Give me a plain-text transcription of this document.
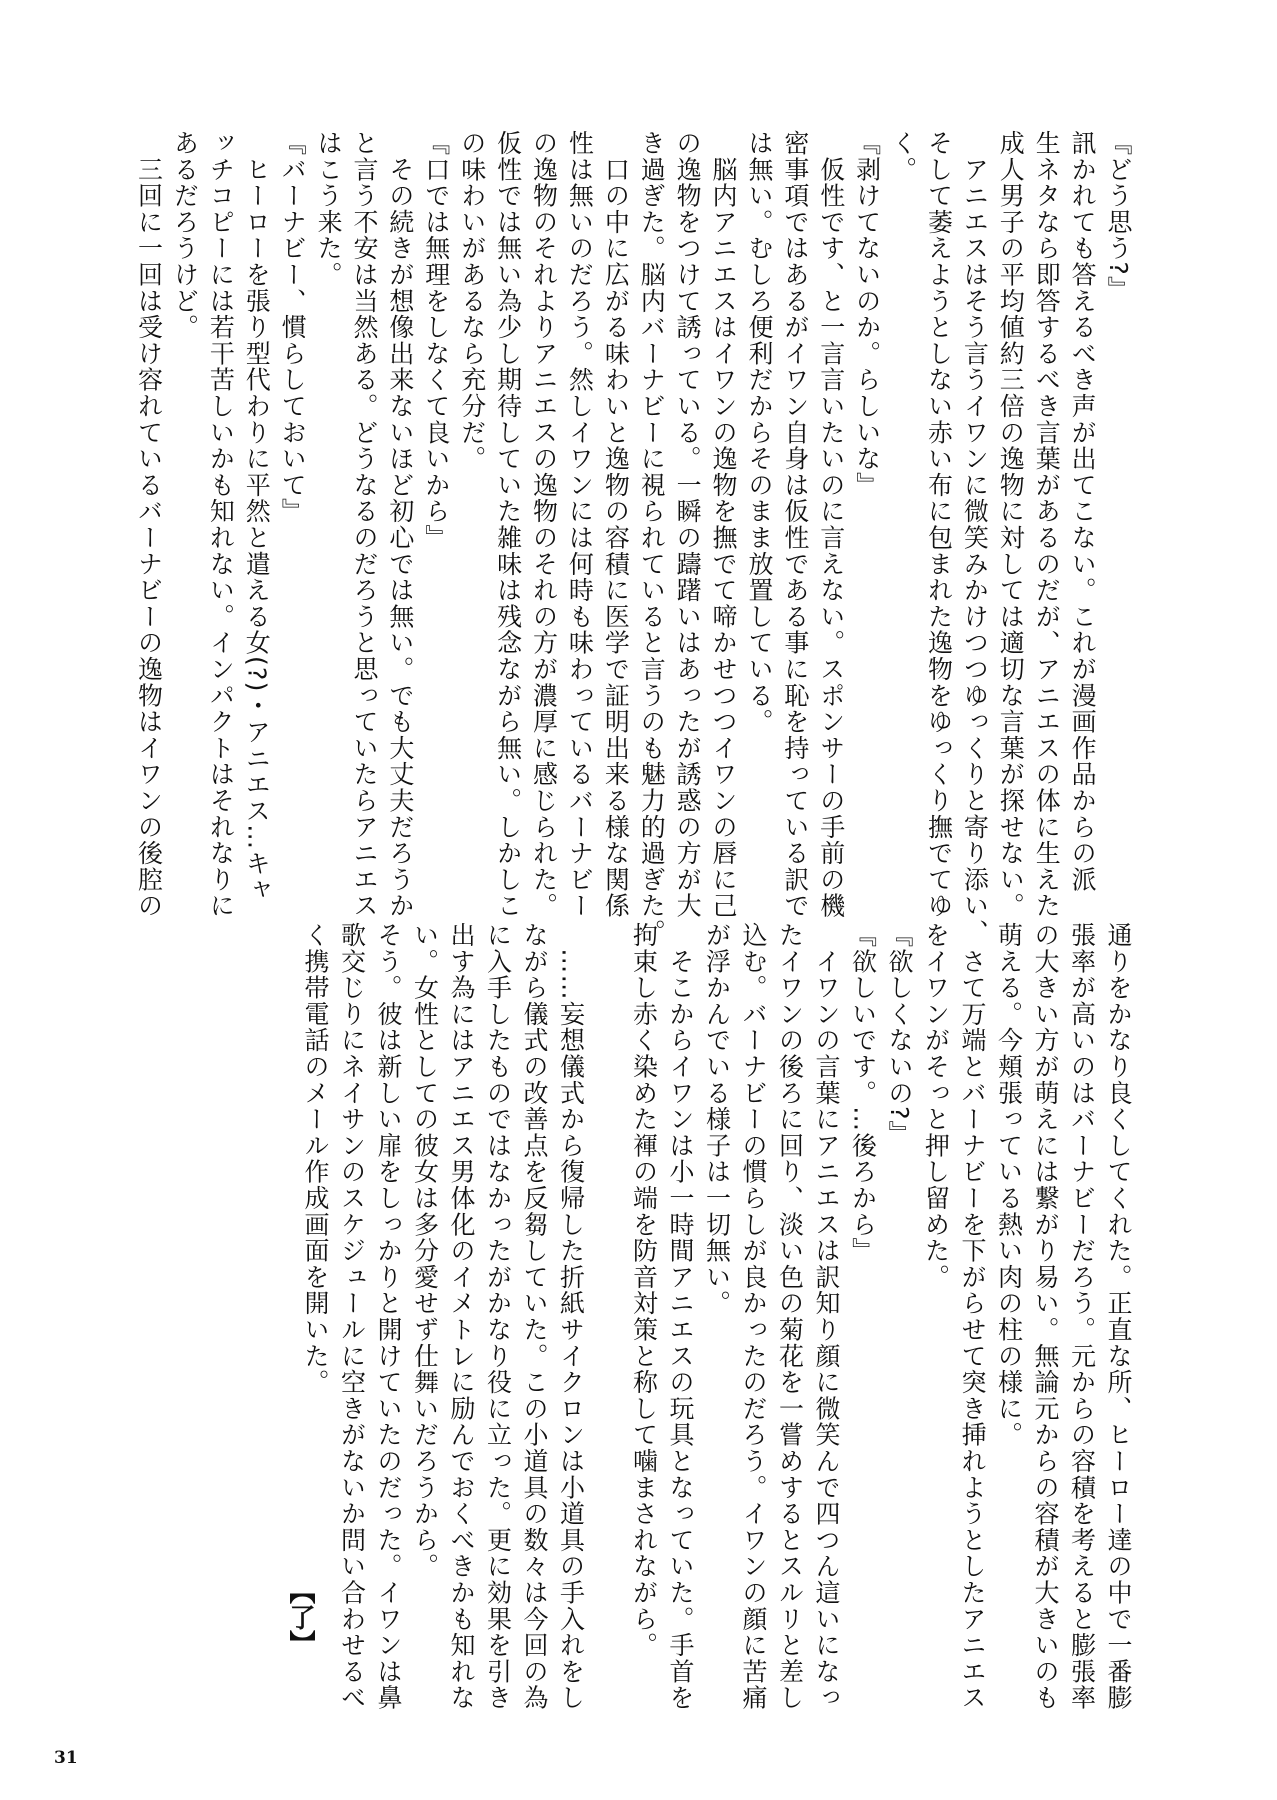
『どう思う?』
訊かれても答えるべき声が出てこない。これが漫画作品からの派
生ネタなら即答するべき言葉があるのだが、アニエスの体に生えた
成人男子の平均値約三倍の逸物に対しては適切な言葉が探せない。
　アニエスはそう言うイワンに微笑みかけつつゆっくりと寄り添い、
そして萎えようとしない赤い布に包まれた逸物をゆっくり撫でてゆ
く。
『剥けてないのか。らしいな』
　仮性です、と一言言いたいのに言えない。スポンサーの手前の機
密事項ではあるがイワン自身は仮性である事に恥を持っている訳で
は無い。むしろ便利だからそのまま放置している。
　脳内アニエスはイワンの逸物を撫でて啼かせつつイワンの唇に己
の逸物をつけて誘っている。一瞬の躊躇いはあったが誘惑の方が大
き過ぎた。脳内バーナビーに視られていると言うのも魅力的過ぎた。
　口の中に広がる味わいと逸物の容積に医学で証明出来る様な関係
性は無いのだろう。然しイワンには何時も味わっているバーナビー
の逸物のそれよりアニエスの逸物のそれの方が濃厚に感じられた。
仮性では無い為少し期待していた雑味は残念ながら無い。しかしこ
の味わいがあるなら充分だ。
『口では無理をしなくて良いから』
　その続きが想像出来ないほど初心では無い。でも大丈夫だろうか
と言う不安は当然ある。どうなるのだろうと思っていたらアニエス
はこう来た。
『バーナビー、慣らしておいて』
　ヒーローを張り型代わりに平然と遣える女(?)・アニエス…キャ
ッチコピーには若干苦しいかも知れない。インパクトはそれなりに
あるだろうけど。
　三回に一回は受け容れているバーナビーの逸物はイワンの後腔の
通りをかなり良くしてくれた。正直な所、ヒーロー達の中で一番膨
張率が高いのはバーナビーだろう。元からの容積を考えると膨張率
の大きい方が萌えには繋がり易い。無論元からの容積が大きいのも
萌える。今頬張っている熱い肉の柱の様に。
　さて万端とバーナビーを下がらせて突き挿れようとしたアニエス
をイワンがそっと押し留めた。
『欲しくないの?』
『欲しいです。…後ろから』
　イワンの言葉にアニエスは訳知り顔に微笑んで四つん這いになっ
たイワンの後ろに回り、淡い色の菊花を一嘗めするとスルリと差し
込む。バーナビーの慣らしが良かったのだろう。イワンの顔に苦痛
が浮かんでいる様子は一切無い。
　そこからイワンは小一時間アニエスの玩具となっていた。手首を
拘束し赤く染めた褌の端を防音対策と称して噛まされながら。
　……妄想儀式から復帰した折紙サイクロンは小道具の手入れをし
ながら儀式の改善点を反芻していた。この小道具の数々は今回の為
に入手したものではなかったがかなり役に立った。更に効果を引き
出す為にはアニエス男体化のイメトレに励んでおくべきかも知れな
い。女性としての彼女は多分愛せず仕舞いだろうから。
そう。彼は新しい扉をしっかりと開けていたのだった。イワンは鼻
歌交じりにネイサンのスケジュールに空きがないか問い合わせるべ
く携帯電話のメール作成画面を開いた。
【了】
31
